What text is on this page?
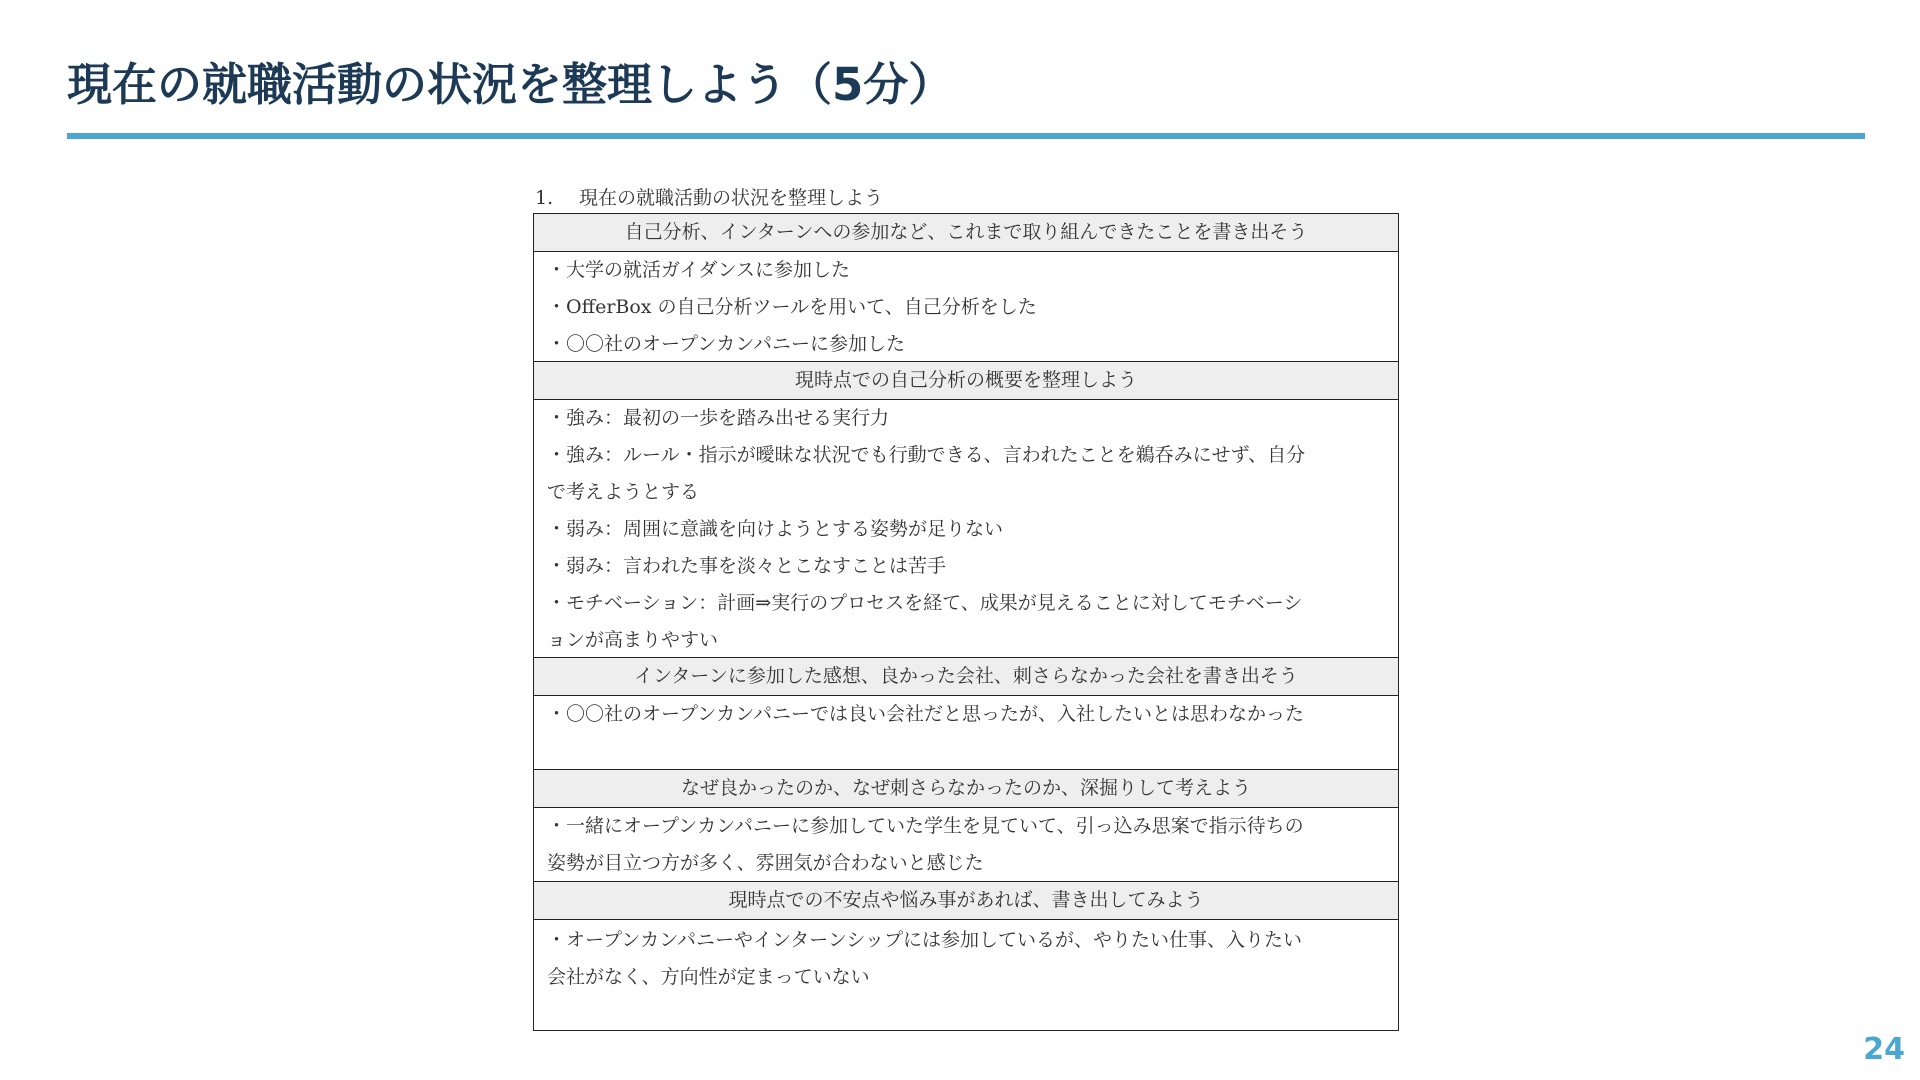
現在の就職活動の状況を整理しよう（5分）
1. 現在の就職活動の状況を整理しよう
自己分析、インターンへの参加など、これまで取り組んできたことを書き出そう
・大学の就活ガイダンスに参加した
・OfferBox の自己分析ツールを用いて、自己分析をした
・〇〇社のオープンカンパニーに参加した
現時点での自己分析の概要を整理しよう
・強み：最初の一歩を踏み出せる実行力
・強み：ルール・指示が曖昧な状況でも行動できる、言われたことを鵜呑みにせず、自分
で考えようとする
・弱み：周囲に意識を向けようとする姿勢が足りない
・弱み：言われた事を淡々とこなすことは苦手
・モチベーション：計画⇒実行のプロセスを経て、成果が見えることに対してモチベーシ
ョンが高まりやすい
インターンに参加した感想、良かった会社、刺さらなかった会社を書き出そう
・〇〇社のオープンカンパニーでは良い会社だと思ったが、入社したいとは思わなかった
なぜ良かったのか、なぜ刺さらなかったのか、深掘りして考えよう
・一緒にオープンカンパニーに参加していた学生を見ていて、引っ込み思案で指示待ちの
姿勢が目立つ方が多く、雰囲気が合わないと感じた
現時点での不安点や悩み事があれば、書き出してみよう
・オープンカンパニーやインターンシップには参加しているが、やりたい仕事、入りたい
会社がなく、方向性が定まっていない
24
